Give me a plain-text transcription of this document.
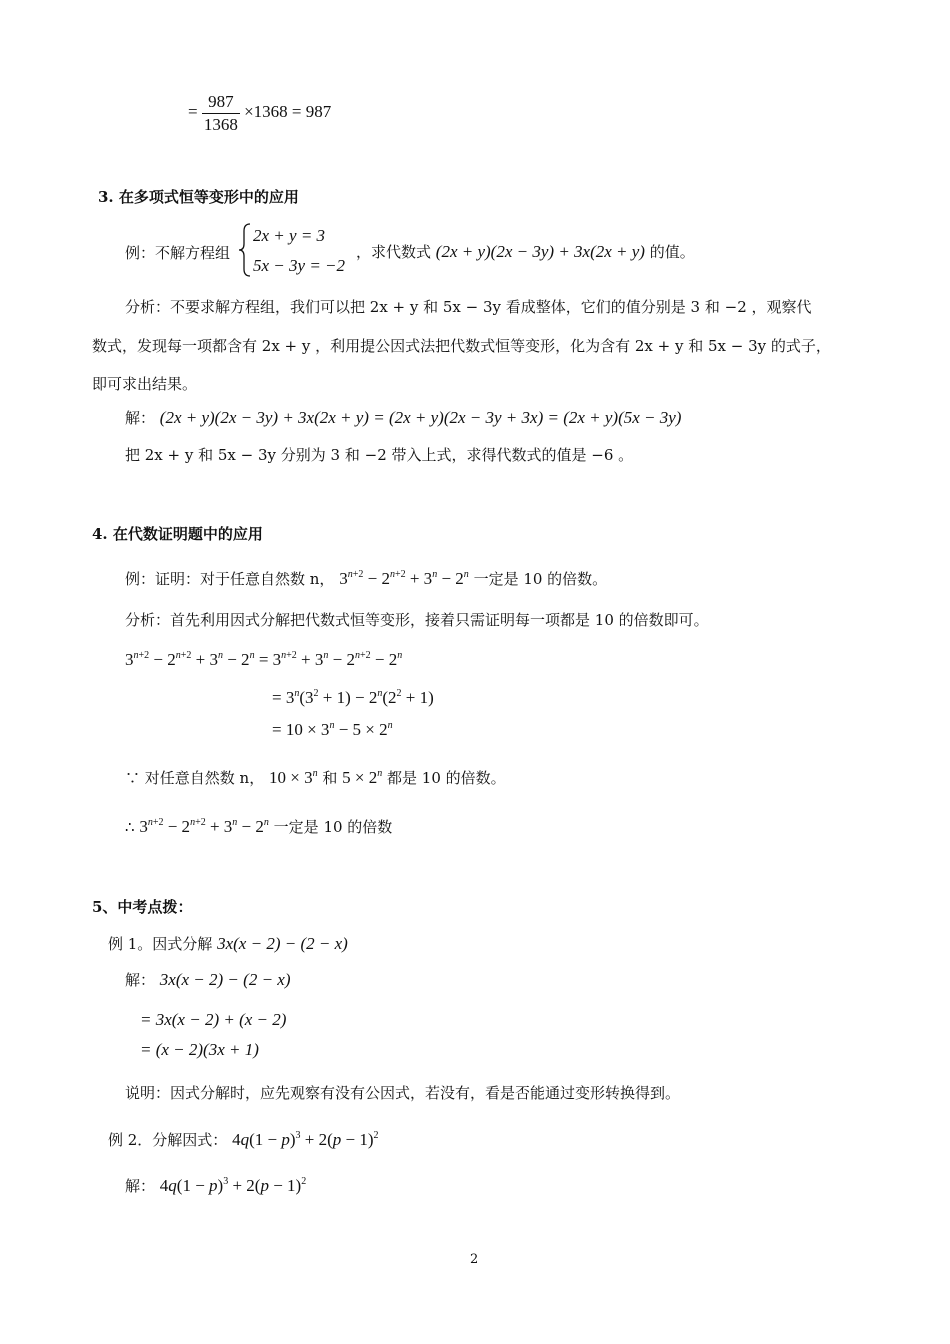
= $\frac{987}{1368} \times 1368 = 987$
3. 在多项式恒等变形中的应用
例：不解方程组
2x + y = 3
5x − 3y = −2
，求代数式 (2x + y)(2x − 3y) + 3x(2x + y) 的值。
分析：不要求解方程组，我们可以把 2x + y 和 5x − 3y 看成整体，它们的值分别是 3 和 −2 ，观察代
数式，发现每一项都含有 2x + y ，利用提公因式法把代数式恒等变形，化为含有 2x + y 和 5x − 3y 的式子，
即可求出结果。
解： (2x + y)(2x − 3y) + 3x(2x + y) = (2x + y)(2x − 3y + 3x) = (2x + y)(5x − 3y)
把 2x + y 和 5x − 3y 分别为 3 和 −2 带入上式，求得代数式的值是 −6 。
4. 在代数证明题中的应用
例：证明：对于任意自然数 n， $3^{n+2} - 2^{n+2} + 3^n - 2^n$ 一定是 10 的倍数。
分析：首先利用因式分解把代数式恒等变形，接着只需证明每一项都是 10 的倍数即可。
$3^{n+2} - 2^{n+2} + 3^n - 2^n = 3^{n+2} + 3^n - 2^{n+2} - 2^n$
= $3^n(3^2 + 1) - 2^n(2^2 + 1)$
= $10 \times 3^n - 5 \times 2^n$
∵ 对任意自然数 n， $10 \times 3^n$ 和 $5 \times 2^n$ 都是 10 的倍数。
∴ $3^{n+2} - 2^{n+2} + 3^n - 2^n$ 一定是 10 的倍数
5、中考点拨：
例 1。因式分解 3x(x − 2) − (2 − x)
解： 3x(x − 2) − (2 − x)
= 3x(x − 2) + (x − 2)
= (x − 2)(3x + 1)
说明：因式分解时，应先观察有没有公因式，若没有，看是否能通过变形转换得到。
例 2．分解因式： $4q(1 - p)^3 + 2(p - 1)^2$
解： $4q(1 - p)^3 + 2(p - 1)^2$
2
